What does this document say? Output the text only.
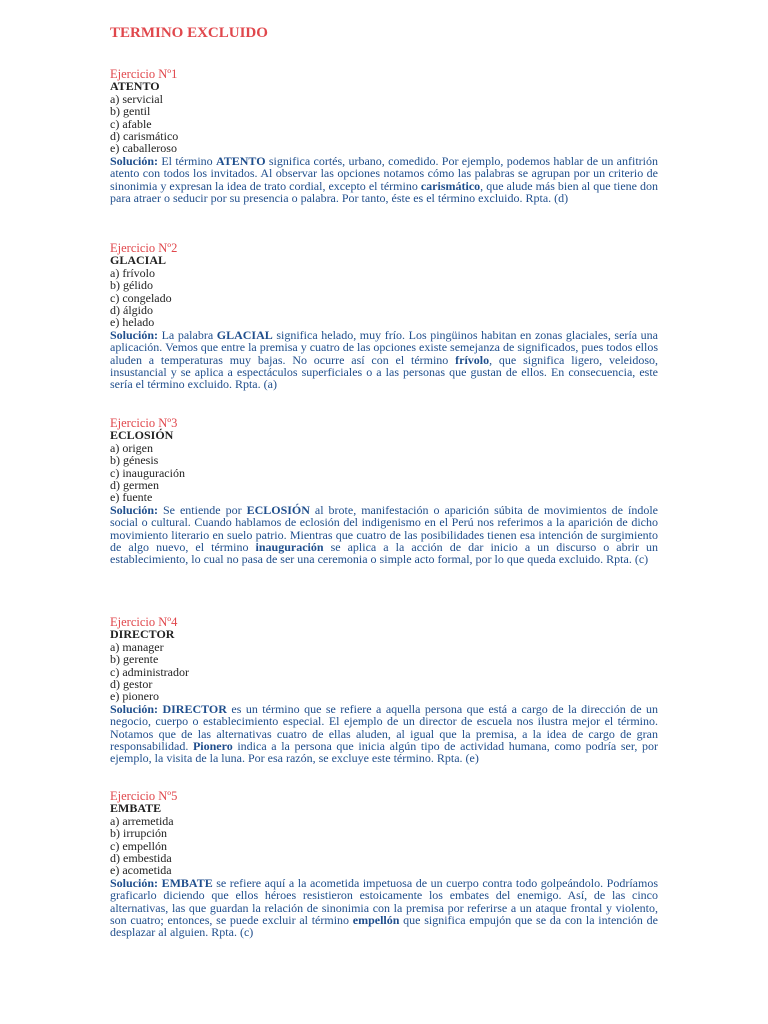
TERMINO EXCLUIDO
Ejercicio Nº1
ATENTO
a) servicial
b) gentil
c) afable
d) carismático
e) caballeroso
Solución: El término ATENTO significa cortés, urbano, comedido. Por ejemplo, podemos hablar de un anfitrión atento con todos los invitados. Al observar las opciones notamos cómo las palabras se agrupan por un criterio de sinonimia y expresan la idea de trato cordial, excepto el término carismático, que alude más bien al que tiene don para atraer o seducir por su presencia o palabra. Por tanto, éste es el término excluido. Rpta. (d)
Ejercicio Nº2
GLACIAL
a) frívolo
b) gélido
c) congelado
d) álgido
e) helado
Solución: La palabra GLACIAL significa helado, muy frío. Los pingüinos habitan en zonas glaciales, sería una aplicación. Vemos que entre la premisa y cuatro de las opciones existe semejanza de significados, pues todos ellos aluden a temperaturas muy bajas. No ocurre así con el término frívolo, que significa ligero, veleidoso, insustancial y se aplica a espectáculos superficiales o a las personas que gustan de ellos. En consecuencia, este sería el término excluido. Rpta. (a)
Ejercicio Nº3
ECLOSIÓN
a) origen
b) génesis
c) inauguración
d) germen
e) fuente
Solución: Se entiende por ECLOSIÓN al brote, manifestación o aparición súbita de movimientos de índole social o cultural. Cuando hablamos de eclosión del indigenismo en el Perú nos referimos a la aparición de dicho movimiento literario en suelo patrio. Mientras que cuatro de las posibilidades tienen esa intención de surgimiento de algo nuevo, el término inauguración se aplica a la acción de dar inicio a un discurso o abrir un establecimiento, lo cual no pasa de ser una ceremonia o simple acto formal, por lo que queda excluido. Rpta. (c)
Ejercicio Nº4
DIRECTOR
a) manager
b) gerente
c) administrador
d) gestor
e) pionero
Solución: DIRECTOR es un término que se refiere a aquella persona que está a cargo de la dirección de un negocio, cuerpo o establecimiento especial. El ejemplo de un director de escuela nos ilustra mejor el término. Notamos que de las alternativas cuatro de ellas aluden, al igual que la premisa, a la idea de cargo de gran responsabilidad. Pionero indica a la persona que inicia algún tipo de actividad humana, como podría ser, por ejemplo, la visita de la luna. Por esa razón, se excluye este término. Rpta. (e)
Ejercicio Nº5
EMBATE
a) arremetida
b) irrupción
c) empellón
d) embestida
e) acometida
Solución: EMBATE se refiere aquí a la acometida impetuosa de un cuerpo contra todo golpeándolo. Podríamos graficarlo diciendo que ellos héroes resistieron estoicamente los embates del enemigo. Así, de las cinco alternativas, las que guardan la relación de sinonimia con la premisa por referirse a un ataque frontal y violento, son cuatro; entonces, se puede excluir al término empellón que significa empujón que se da con la intención de desplazar al alguien. Rpta. (c)
